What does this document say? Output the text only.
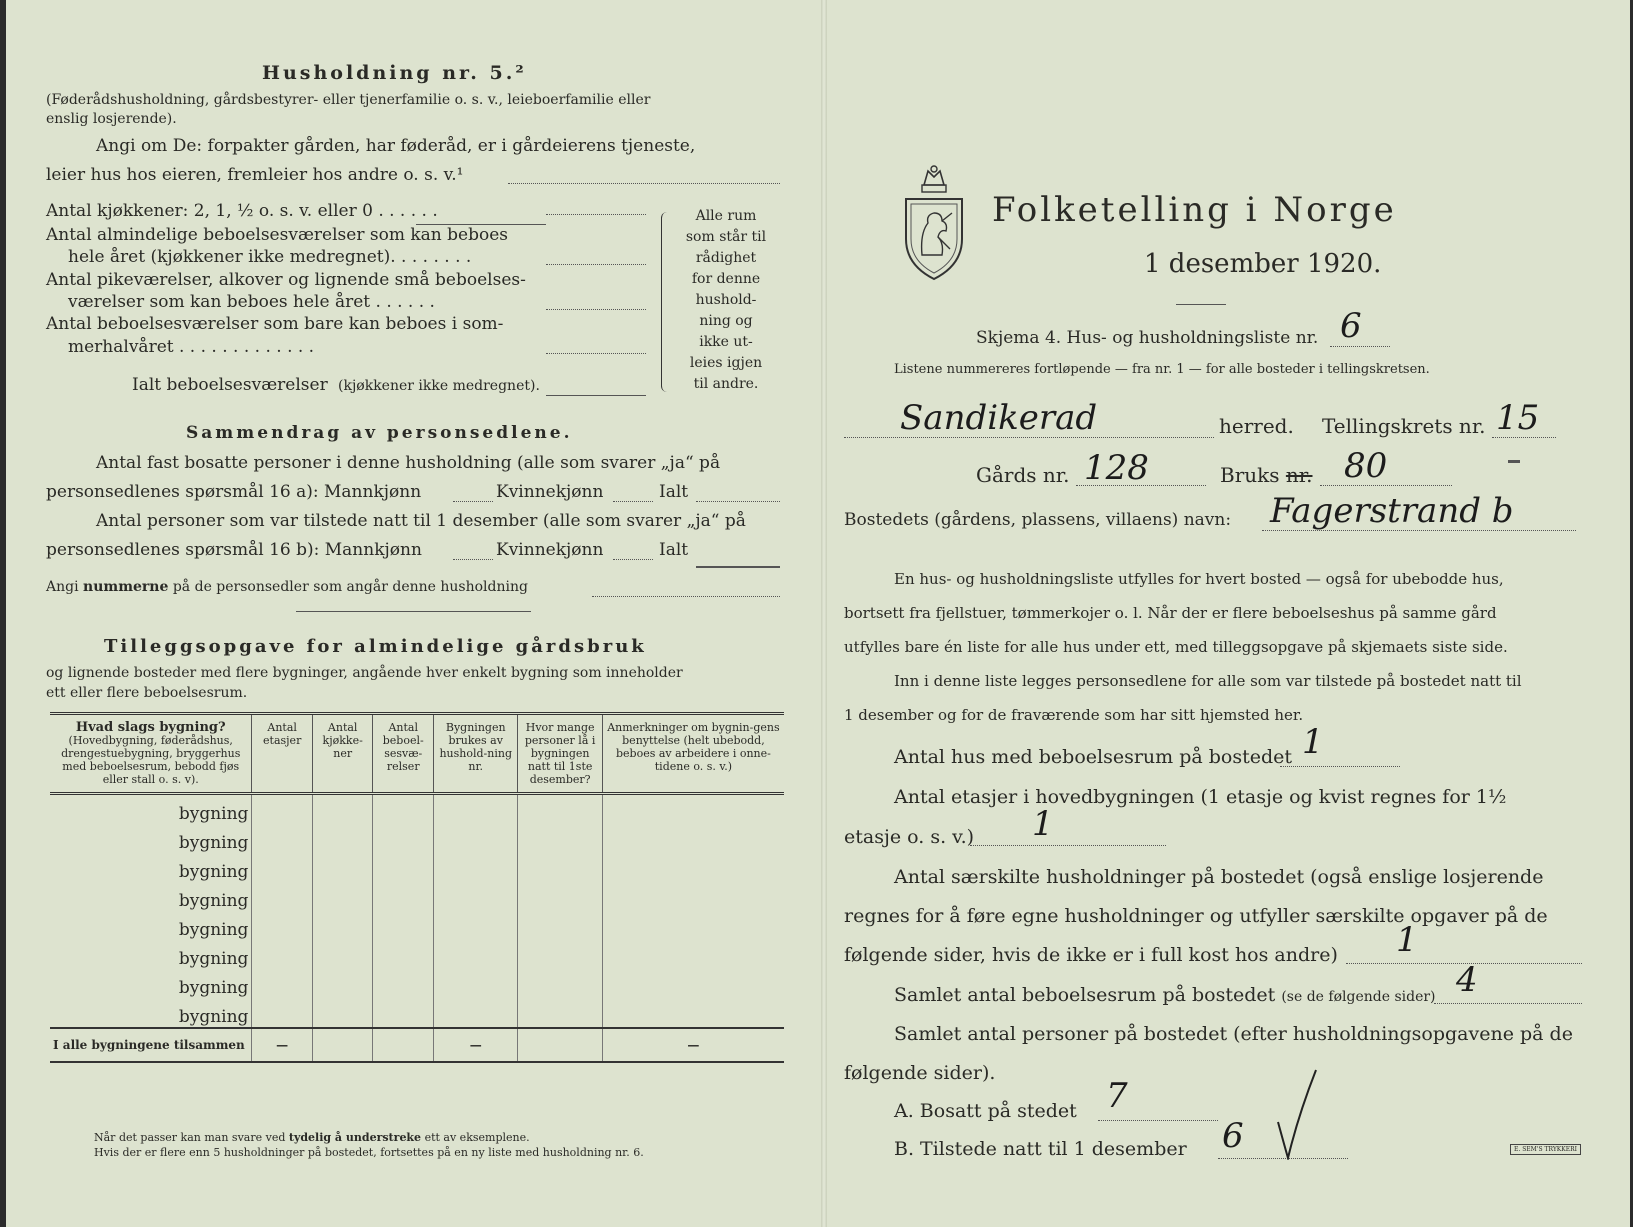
Husholdning nr. 5.²
(Føderådshusholdning, gårdsbestyrer- eller tjenerfamilie o. s. v., leieboerfamilie eller
enslig losjerende).
Angi om De: forpakter gården, har føderåd, er i gårdeierens tjeneste,
leier hus hos eieren, fremleier hos andre o. s. v.¹
Antal kjøkkener: 2, 1, ½ o. s. v. eller 0 . . . . . .
Antal almindelige beboelsesværelser som kan beboes
hele året (kjøkkener ikke medregnet). . . . . . . .
Antal pikeværelser, alkover og lignende små beboelses-
værelser som kan beboes hele året . . . . . .
Antal beboelsesværelser som bare kan beboes i som-
merhalvåret . . . . . . . . . . . . .
Ialt beboelsesværelser (kjøkkener ikke medregnet).
Alle rum
som står til
rådighet
for denne
hushold-
ning og
ikke ut-
leies igjen
til andre.
Sammendrag av personsedlene.
Antal fast bosatte personer i denne husholdning (alle som svarer „ja“ på
personsedlenes spørsmål 16 a): Mannkjønn	Kvinnekjønn	Ialt
Antal personer som var tilstede natt til 1 desember (alle som svarer „ja“ på
personsedlenes spørsmål 16 b): Mannkjønn	Kvinnekjønn	Ialt
Angi nummerne på de personsedler som angår denne husholdning
Tilleggsopgave for almindelige gårdsbruk
og lignende bosteder med flere bygninger, angående hver enkelt bygning som inneholder
ett eller flere beboelsesrum.
Hvad slags bygning?
(Hovedbygning, føderådshus, drengestuebygning, bryggerhus med beboelsesrum, bebodd fjøs eller stall o. s. v).	Antal etasjer	Antal kjøkke-ner	Antal beboel-sesvæ-relser	Bygningen brukes av hushold-ning nr.	Hvor mange personer lå i bygningen natt til 1ste desember?	Anmerkninger om bygnin-gens benyttelse (helt ubebodd, beboes av arbeidere i onne-tidene o. s. v.)

bygning						
bygning						
bygning						
bygning						
bygning						
bygning						
bygning						
bygning						
I alle bygningene tilsammen	—			—		—
Når det passer kan man svare ved tydelig å understreke ett av eksemplene.
Hvis der er flere enn 5 husholdninger på bostedet, fortsettes på en ny liste med husholdning nr. 6.
Folketelling i Norge
1 desember 1920.
Skjema 4. Hus- og husholdningsliste nr. 6
Listene nummereres fortløpende — fra nr. 1 — for alle bosteder i tellingskretsen.
Sandikerad	herred. Tellingskrets nr. 15
Gårds nr. 128	Bruks nr. 80
Bostedets (gårdens, plassens, villaens) navn: Fagerstrand b
En hus- og husholdningsliste utfylles for hvert bosted — også for ubebodde hus,
bortsett fra fjellstuer, tømmerkojer o. l. Når der er flere beboelseshus på samme gård
utfylles bare én liste for alle hus under ett, med tilleggsopgave på skjemaets siste side.
Inn i denne liste legges personsedlene for alle som var tilstede på bostedet natt til
1 desember og for de fraværende som har sitt hjemsted her.
Antal hus med beboelsesrum på bostedet 1
Antal etasjer i hovedbygningen (1 etasje og kvist regnes for 1½
etasje o. s. v.) 1
Antal særskilte husholdninger på bostedet (også enslige losjerende
regnes for å føre egne husholdninger og utfyller særskilte opgaver på de
følgende sider, hvis de ikke er i full kost hos andre) 1
Samlet antal beboelsesrum på bostedet (se de følgende sider) 4
Samlet antal personer på bostedet (efter husholdningsopgavene på de
følgende sider).
A. Bosatt på stedet 7
B. Tilstede natt til 1 desember 6	E. SEM'S TRYKKERI
